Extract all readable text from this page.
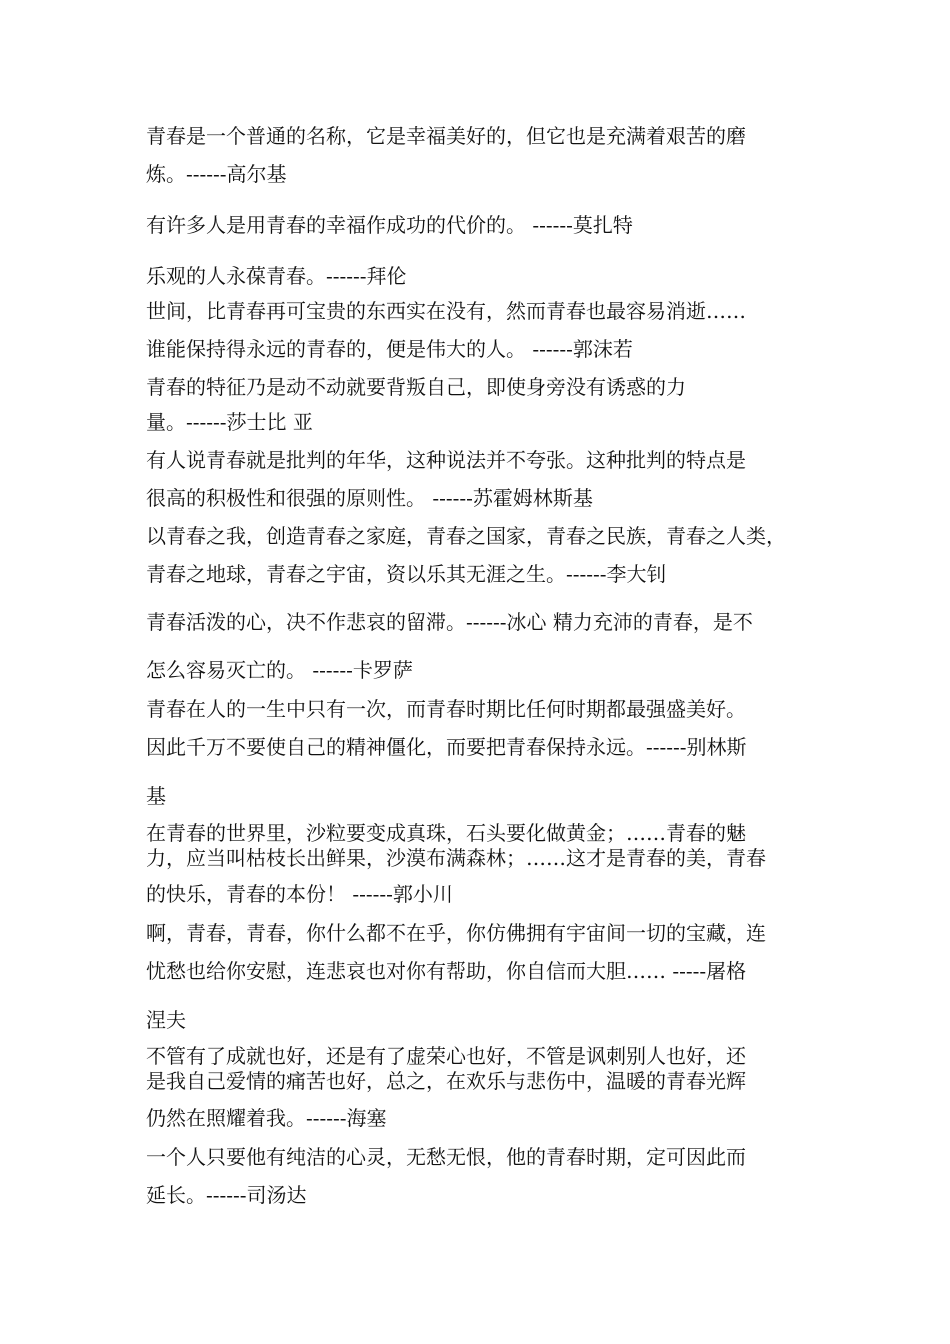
青春是一个普通的名称，它是幸福美好的，但它也是充满着艰苦的磨
炼。------高尔基
有许多人是用青春的幸福作成功的代价的。 ------莫扎特
乐观的人永葆青春。------拜伦
世间，比青春再可宝贵的东西实在没有，然而青春也最容易消逝……
谁能保持得永远的青春的，便是伟大的人。 ------郭沫若
青春的特征乃是动不动就要背叛自己，即使身旁没有诱惑的力
量。------莎士比 亚
有人说青春就是批判的年华，这种说法并不夸张。这种批判的特点是
很高的积极性和很强的原则性。 ------苏霍姆林斯基
以青春之我，创造青春之家庭，青春之国家，青春之民族，青春之人类，
青春之地球，青春之宇宙，资以乐其无涯之生。------李大钊
青春活泼的心，决不作悲哀的留滞。------冰心 精力充沛的青春，是不
怎么容易灭亡的。 ------卡罗萨
青春在人的一生中只有一次，而青春时期比任何时期都最强盛美好。
因此千万不要使自己的精神僵化，而要把青春保持永远。------别林斯
基
在青春的世界里，沙粒要变成真珠，石头要化做黄金；……青春的魅
力，应当叫枯枝长出鲜果，沙漠布满森林；……这才是青春的美，青春
的快乐，青春的本份！ ------郭小川
啊，青春，青春，你什么都不在乎，你仿佛拥有宇宙间一切的宝藏，连
忧愁也给你安慰，连悲哀也对你有帮助，你自信而大胆…… -----屠格
涅夫
不管有了成就也好，还是有了虚荣心也好，不管是讽刺别人也好，还
是我自己爱情的痛苦也好，总之，在欢乐与悲伤中，温暖的青春光辉
仍然在照耀着我。------海塞
一个人只要他有纯洁的心灵，无愁无恨，他的青春时期，定可因此而
延长。------司汤达
